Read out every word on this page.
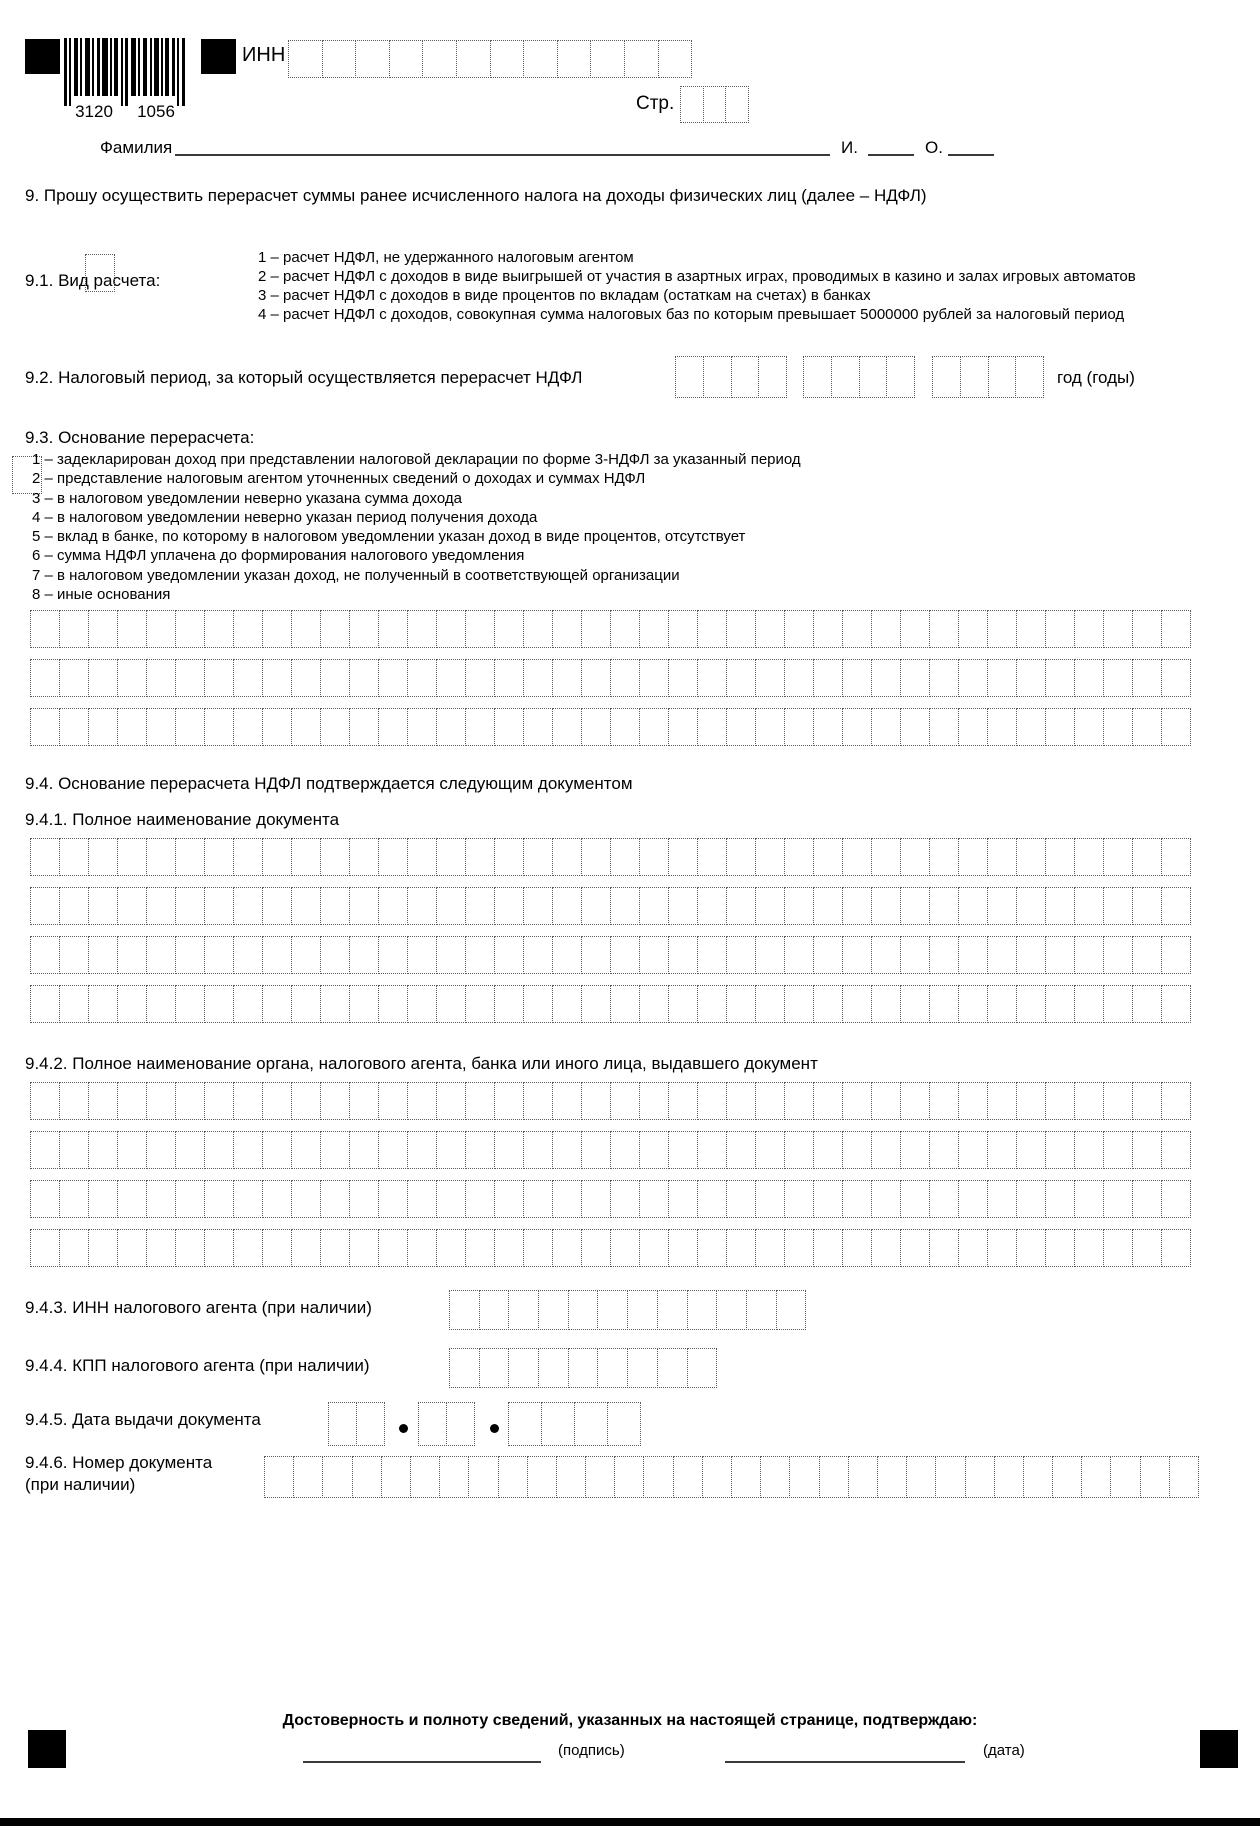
3120 1056
ИНН
Стр.
Фамилия	И.	О.
9. Прошу осуществить перерасчет суммы ранее исчисленного налога на доходы физических лиц (далее – НДФЛ)
9.1. Вид расчета:
1 – расчет НДФЛ, не удержанного налоговым агентом
2 – расчет НДФЛ с доходов в виде выигрышей от участия в азартных играх, проводимых в казино и залах игровых автоматов
3 – расчет НДФЛ с доходов в виде процентов по вкладам (остаткам на счетах) в банках
4 – расчет НДФЛ с доходов, совокупная сумма налоговых баз по которым превышает 5000000 рублей за налоговый период
9.2. Налоговый период, за который осуществляется перерасчет НДФЛ	год (годы)
9.3. Основание перерасчета:
1 – задекларирован доход при представлении налоговой декларации по форме 3-НДФЛ за указанный период
2 – представление налоговым агентом уточненных сведений о доходах и суммах НДФЛ
3 – в налоговом уведомлении неверно указана сумма дохода
4 – в налоговом уведомлении неверно указан период получения дохода
5 – вклад в банке, по которому в налоговом уведомлении указан доход в виде процентов, отсутствует
6 – сумма НДФЛ уплачена до формирования налогового уведомления
7 – в налоговом уведомлении указан доход, не полученный в соответствующей организации
8 – иные основания
9.4. Основание перерасчета НДФЛ подтверждается следующим документом
9.4.1. Полное наименование документа
9.4.2. Полное наименование органа, налогового агента, банка или иного лица, выдавшего документ
9.4.3. ИНН налогового агента (при наличии)
9.4.4. КПП налогового агента (при наличии)
9.4.5. Дата выдачи документа
9.4.6. Номер документа
(при наличии)
Достоверность и полноту сведений, указанных на настоящей странице, подтверждаю:
(подпись)	(дата)
